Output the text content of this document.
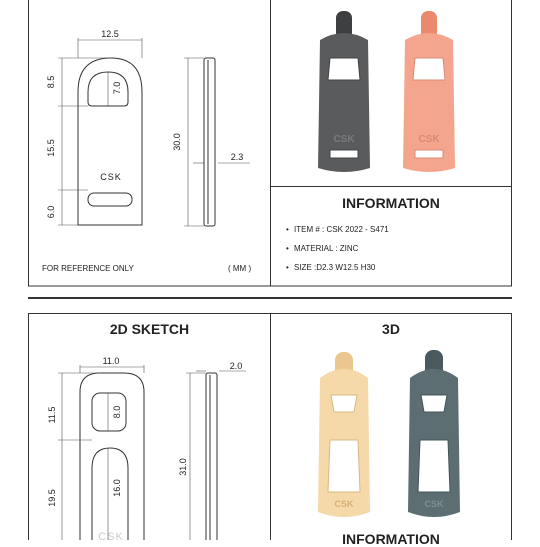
CSK
12.5
8.5	7.0
15.5	30.0
2.3
6.0
CSK	CSK
CSK
11.0	2.0
11.5	8.0
31.0
19.5
16.0
CSK	CSK
INFORMATION
• ITEM # : CSK 2022 - S471
• MATERIAL : ZINC
• SIZE :D2.3 W12.5 H30
FOR REFERENCE ONLY	( MM )
2D SKETCH	3D
INFORMATION
